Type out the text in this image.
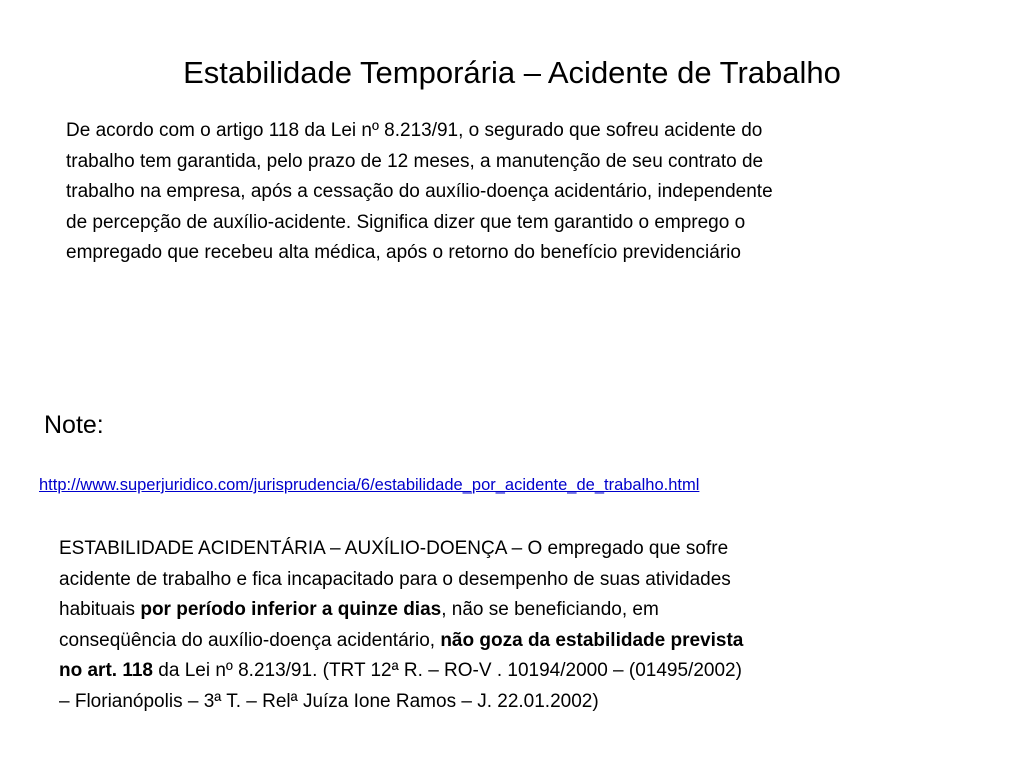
Estabilidade Temporária – Acidente de Trabalho

De acordo com o artigo 118 da Lei nº 8.213/91, o segurado que sofreu acidente do
trabalho tem garantida, pelo prazo de 12 meses, a manutenção de seu contrato de
trabalho na empresa, após a cessação do auxílio-doença acidentário, independente
de percepção de auxílio-acidente. Significa dizer que tem garantido o emprego o
empregado que recebeu alta médica, após o retorno do benefício previdenciário

Note:
http://www.superjuridico.com/jurisprudencia/6/estabilidade_por_acidente_de_trabalho.html

ESTABILIDADE ACIDENTÁRIA – AUXÍLIO-DOENÇA – O empregado que sofre
acidente de trabalho e fica incapacitado para o desempenho de suas atividades
habituais por período inferior a quinze dias, não se beneficiando, em
conseqüência do auxílio-doença acidentário, não goza da estabilidade prevista
no art. 118 da Lei nº 8.213/91. (TRT 12ª R. – RO-V . 10194/2000 – (01495/2002)
– Florianópolis – 3ª T. – Relª Juíza Ione Ramos – J. 22.01.2002)
